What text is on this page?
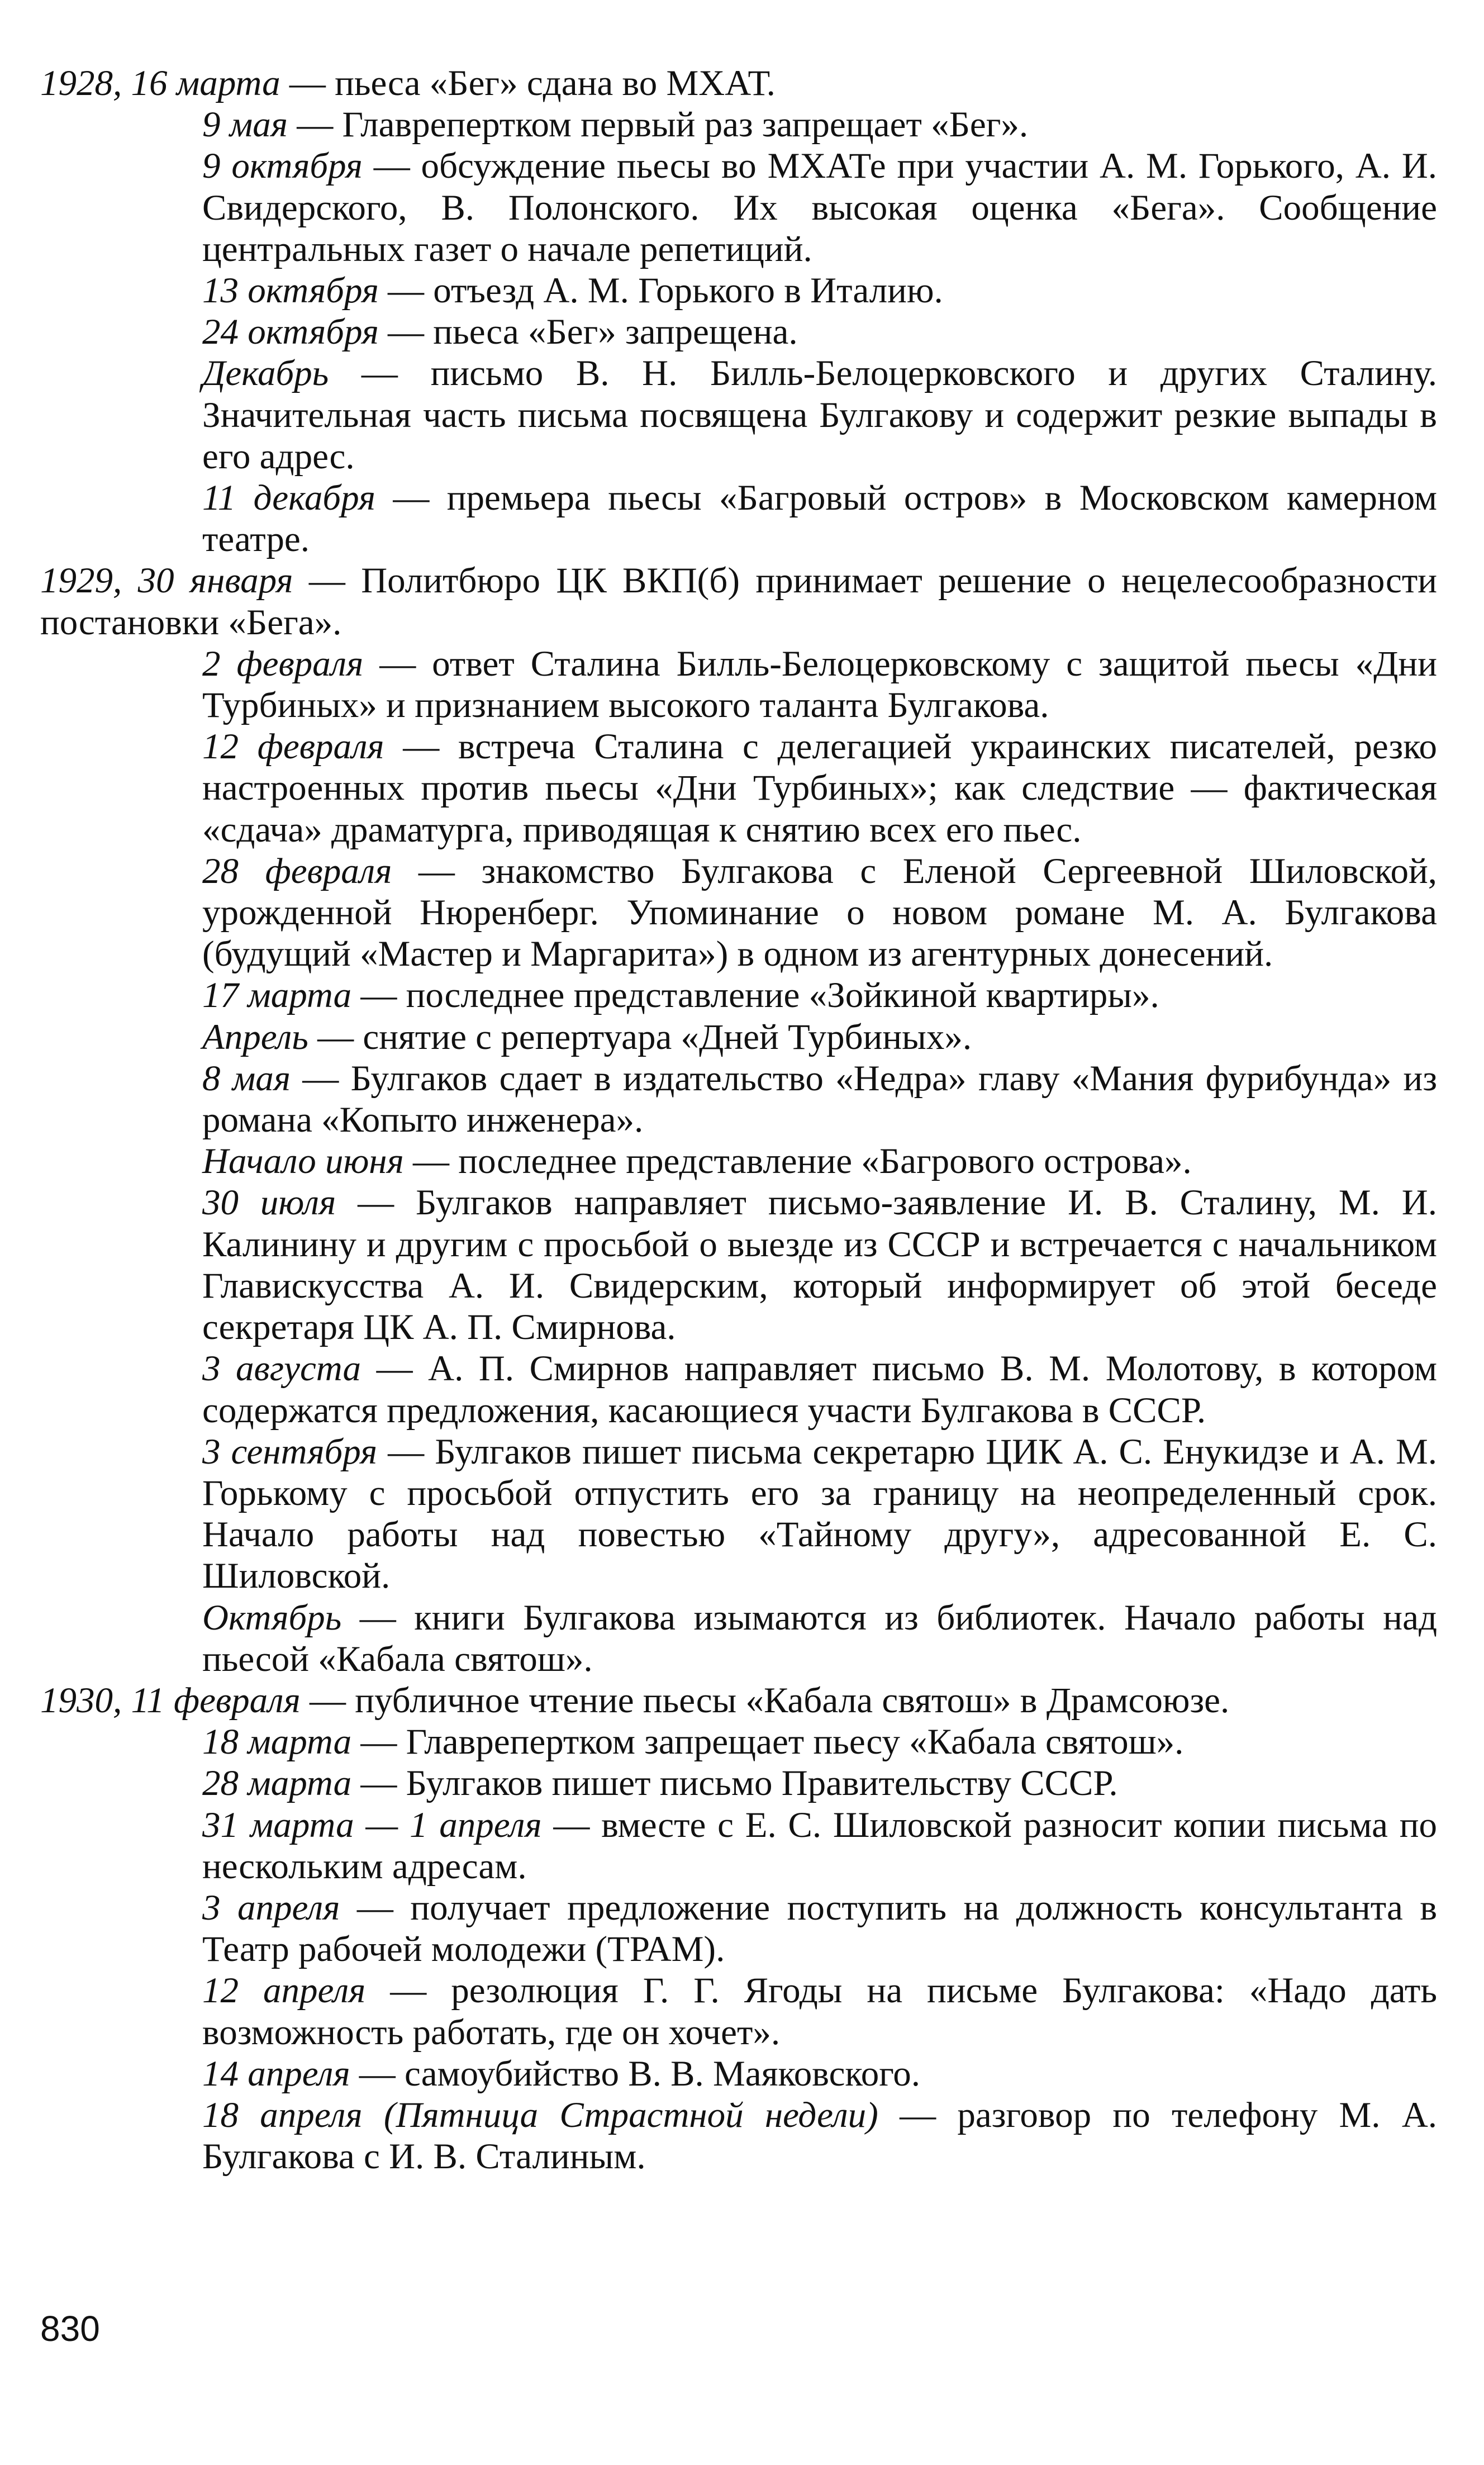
1928, 16 марта — пьеса «Бег» сдана во МХАТ.

9 мая — Главрепертком первый раз запрещает «Бег».

9 октября — обсуждение пьесы во МХАТе при участии А. М. Горького, А. И. Свидерского, В. Полонского. Их высокая оценка «Бега». Сообщение центральных газет о начале репетиций.

13 октября — отъезд А. М. Горького в Италию.

24 октября — пьеса «Бег» запрещена.

Декабрь — письмо В. Н. Билль-Белоцерковского и других Сталину. Значительная часть письма посвящена Булгакову и содержит резкие выпады в его адрес.

11 декабря — премьера пьесы «Багровый остров» в Московском камерном театре.

1929, 30 января — Политбюро ЦК ВКП(б) принимает решение о нецелесообразности постановки «Бега».

2 февраля — ответ Сталина Билль-Белоцерковскому с защитой пьесы «Дни Турбиных» и признанием высокого таланта Булгакова.

12 февраля — встреча Сталина с делегацией украинских писателей, резко настроенных против пьесы «Дни Турбиных»; как следствие — фактическая «сдача» драматурга, приводящая к снятию всех его пьес.

28 февраля — знакомство Булгакова с Еленой Сергеевной Шиловской, урожденной Нюренберг. Упоминание о новом романе М. А. Булгакова (будущий «Мастер и Маргарита») в одном из агентурных донесений.

17 марта — последнее представление «Зойкиной квартиры».

Апрель — снятие с репертуара «Дней Турбиных».

8 мая — Булгаков сдает в издательство «Недра» главу «Мания фурибунда» из романа «Копыто инженера».

Начало июня — последнее представление «Багрового острова».

30 июля — Булгаков направляет письмо-заявление И. В. Сталину, М. И. Калинину и другим с просьбой о выезде из СССР и встречается с начальником Главискусства А. И. Свидерским, который информирует об этой беседе секретаря ЦК А. П. Смирнова.

3 августа — А. П. Смирнов направляет письмо В. М. Молотову, в котором содержатся предложения, касающиеся участи Булгакова в СССР.

3 сентября — Булгаков пишет письма секретарю ЦИК А. С. Енукидзе и А. М. Горькому с просьбой отпустить его за границу на неопределенный срок. Начало работы над повестью «Тайному другу», адресованной Е. С. Шиловской.

Октябрь — книги Булгакова изымаются из библиотек. Начало работы над пьесой «Кабала святош».

1930, 11 февраля — публичное чтение пьесы «Кабала святош» в Драмсоюзе.

18 марта — Главрепертком запрещает пьесу «Кабала святош».

28 марта — Булгаков пишет письмо Правительству СССР.

31 марта — 1 апреля — вместе с Е. С. Шиловской разносит копии письма по нескольким адресам.

3 апреля — получает предложение поступить на должность консультанта в Театр рабочей молодежи (ТРАМ).

12 апреля — резолюция Г. Г. Ягоды на письме Булгакова: «Надо дать возможность работать, где он хочет».

14 апреля — самоубийство В. В. Маяковского.

18 апреля (Пятница Страстной недели) — разговор по телефону М. А. Булгакова с И. В. Сталиным.

830
